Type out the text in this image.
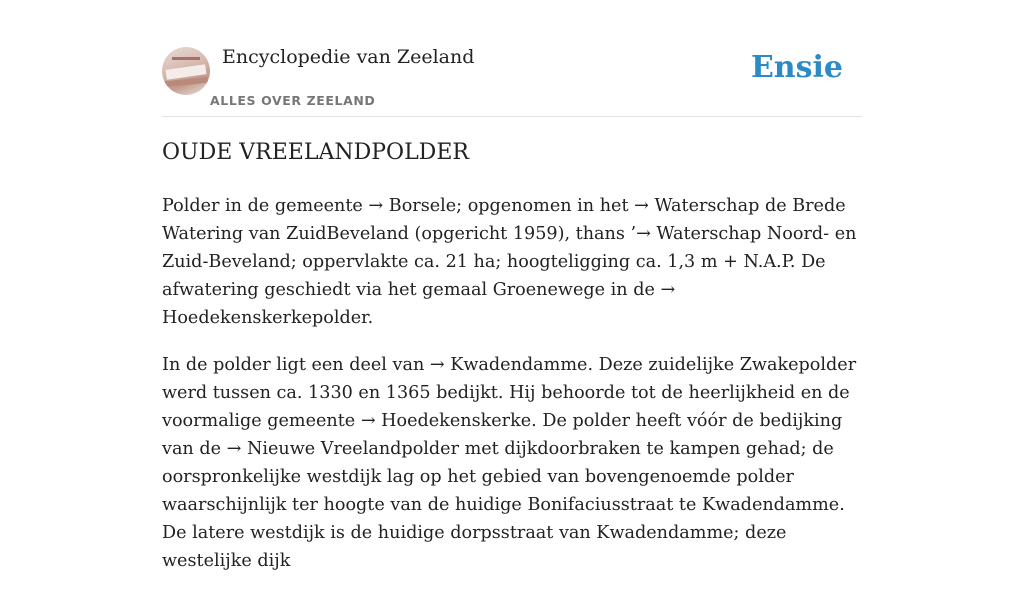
Encyclopedie van Zeeland
ALLES OVER ZEELAND
Ensie
OUDE VREELANDPOLDER

Polder in de gemeente → Borsele; opgenomen in het → Waterschap de Brede Watering van ZuidBeveland (opgericht 1959), thans ’→ Waterschap Noord- en Zuid-Beveland; oppervlakte ca. 21 ha; hoogteligging ca. 1,3 m + N.A.P. De afwatering geschiedt via het gemaal Groenewege in de → Hoedekenskerkepolder.

In de polder ligt een deel van → Kwadendamme. Deze zuidelijke Zwakepolder werd tussen ca. 1330 en 1365 bedijkt. Hij behoorde tot de heerlijkheid en de voormalige gemeente → Hoedekenskerke. De polder heeft vóór de bedijking van de → Nieuwe Vreelandpolder met dijkdoorbraken te kampen gehad; de oorspronkelijke westdijk lag op het gebied van bovengenoemde polder waarschijnlijk ter hoogte van de huidige Bonifaciusstraat te Kwadendamme. De latere westdijk is de huidige dorpsstraat van Kwadendamme; deze westelijke dijk
